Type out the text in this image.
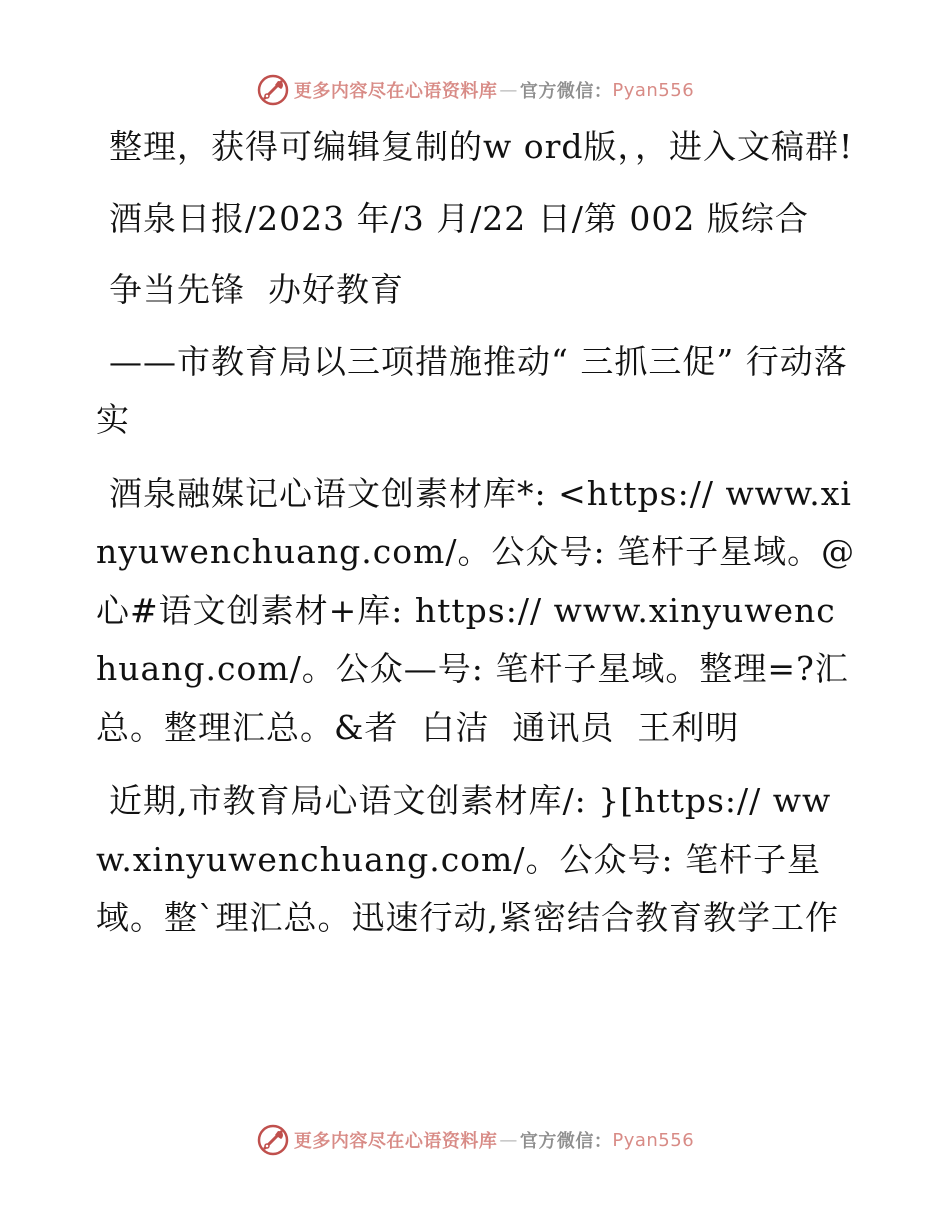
更多内容尽在心语资料库 — 官方微信： Pyan556

整理，获得可编辑复制的w ord版，，进入文稿群!

酒泉日报/2023 年/3 月/22 日/第 002 版综合

争当先锋  办好教育

——市教育局以三项措施推动“ 三抓三促” 行动落实

酒泉融媒记心语文创素材库*: <https:// www.xinyuwenchuang.com/。公众号: 笔杆子星域。@心#语文创素材+库: https:// www.xinyuwenchuang.com/。公众—号: 笔杆子星域。整理=?汇总。整理汇总。&者  白洁  通讯员  王利明

近期,市教育局心语文创素材库/: }[https:// www.xinyuwenchuang.com/。公众号: 笔杆子星域。整`理汇总。迅速行动,紧密结合教育教学工作

更多内容尽在心语资料库 — 官方微信： Pyan556
